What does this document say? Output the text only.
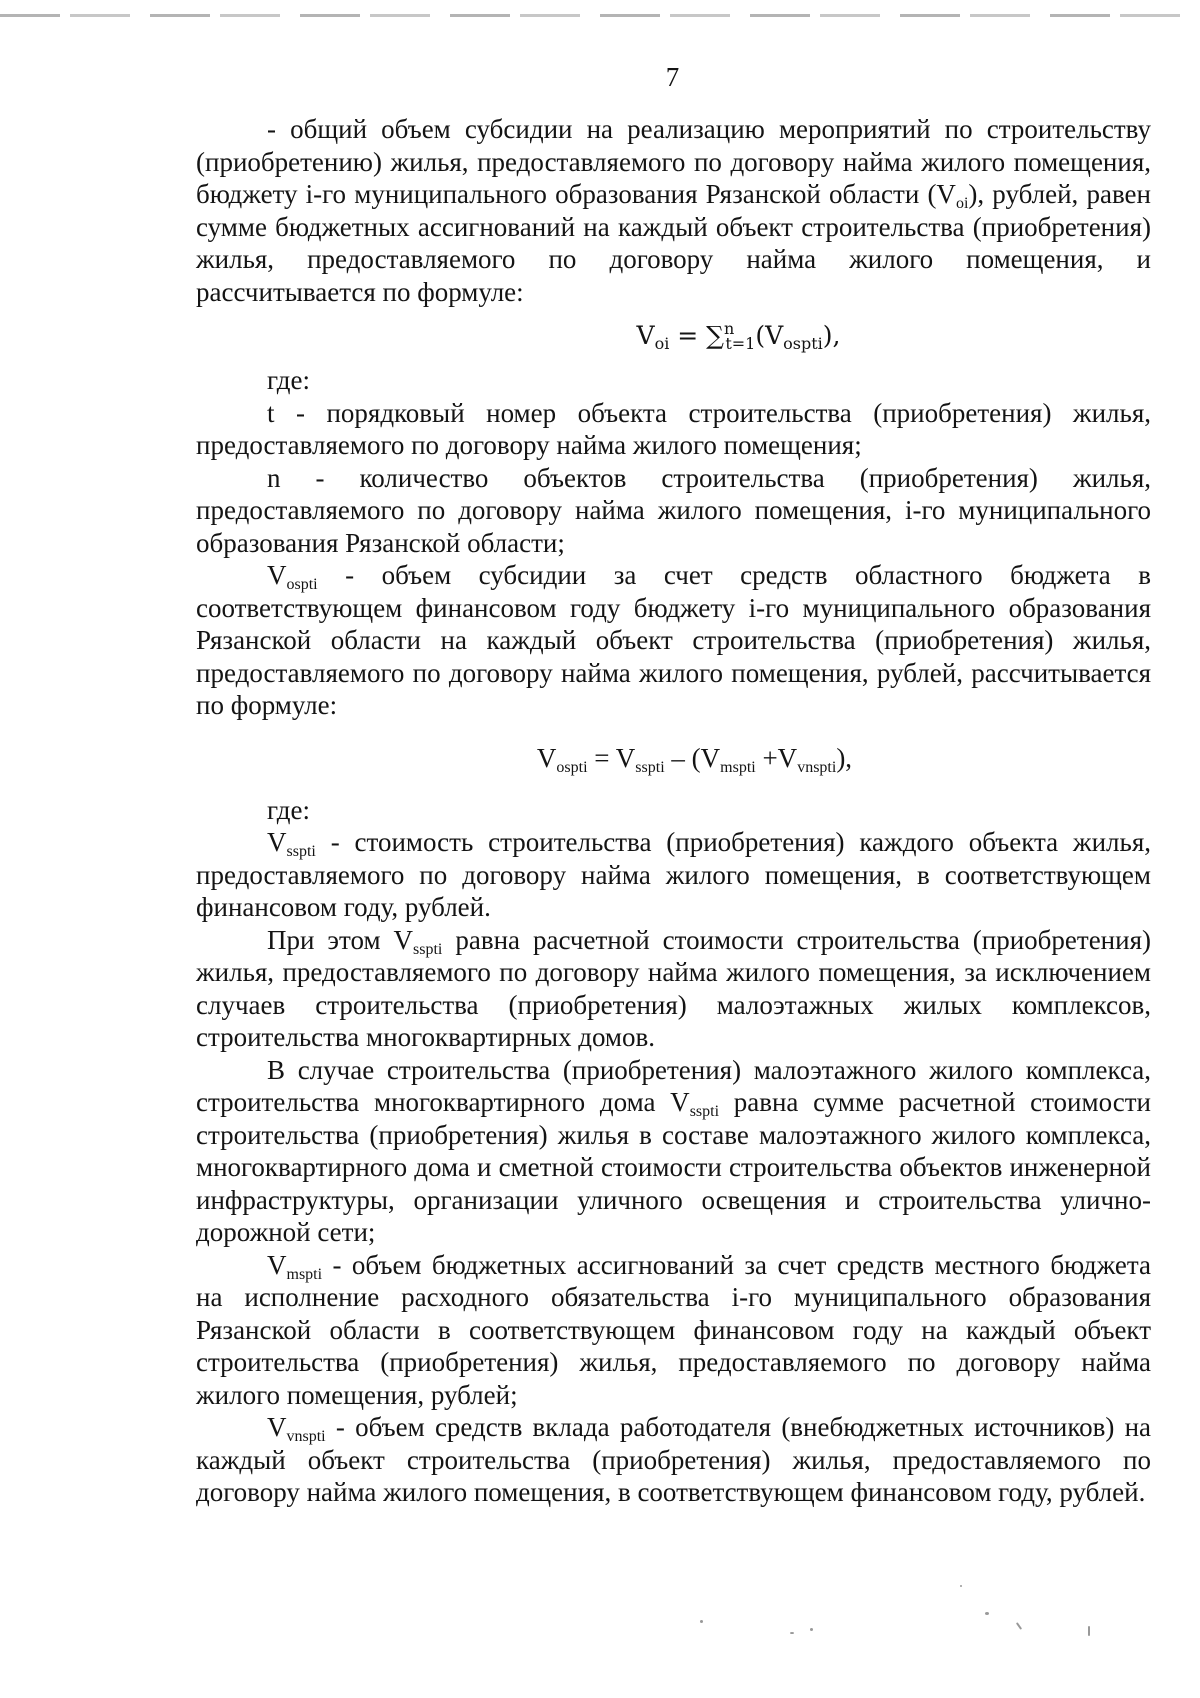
7

- общий объем субсидии на реализацию мероприятий по строительству (приобретению) жилья, предоставляемого по договору найма жилого помещения, бюджету i-го муниципального образования Рязанской области $(V_{oi})$, рублей, равен сумме бюджетных ассигнований на каждый объект строительства (приобретения) жилья, предоставляемого по договору найма жилого помещения, и рассчитывается по формуле:

$V_{oi} = \sum^n_{t=1}(V_{ospti})$,

где:

t - порядковый номер объекта строительства (приобретения) жилья, предоставляемого по договору найма жилого помещения;

n - количество объектов строительства (приобретения) жилья, предоставляемого по договору найма жилого помещения, i-го муниципального образования Рязанской области;

$V_{ospti}$ - объем субсидии за счет средств областного бюджета в соответствующем финансовом году бюджету i-го муниципального образования Рязанской области на каждый объект строительства (приобретения) жилья, предоставляемого по договору найма жилого помещения, рублей, рассчитывается по формуле:

$V_{ospti} = V_{sspti} - (V_{mspti} +V_{vnspti})$,

где:

$V_{sspti}$ - стоимость строительства (приобретения) каждого объекта жилья, предоставляемого по договору найма жилого помещения, в соответствующем финансовом году, рублей.

При этом $V_{sspti}$ равна расчетной стоимости строительства (приобретения) жилья, предоставляемого по договору найма жилого помещения, за исключением случаев строительства (приобретения) малоэтажных жилых комплексов, строительства многоквартирных домов.

В случае строительства (приобретения) малоэтажного жилого комплекса, строительства многоквартирного дома $V_{sspti}$ равна сумме расчетной стоимости строительства (приобретения) жилья в составе малоэтажного жилого комплекса, многоквартирного дома и сметной стоимости строительства объектов инженерной инфраструктуры, организации уличного освещения и строительства улично-дорожной сети;

$V_{mspti}$ - объем бюджетных ассигнований за счет средств местного бюджета на исполнение расходного обязательства i-го муниципального образования Рязанской области в соответствующем финансовом году на каждый объект строительства (приобретения) жилья, предоставляемого по договору найма жилого помещения, рублей;

$V_{vnspti}$ - объем средств вклада работодателя (внебюджетных источников) на каждый объект строительства (приобретения) жилья, предоставляемого по договору найма жилого помещения, в соответствующем финансовом году, рублей.
